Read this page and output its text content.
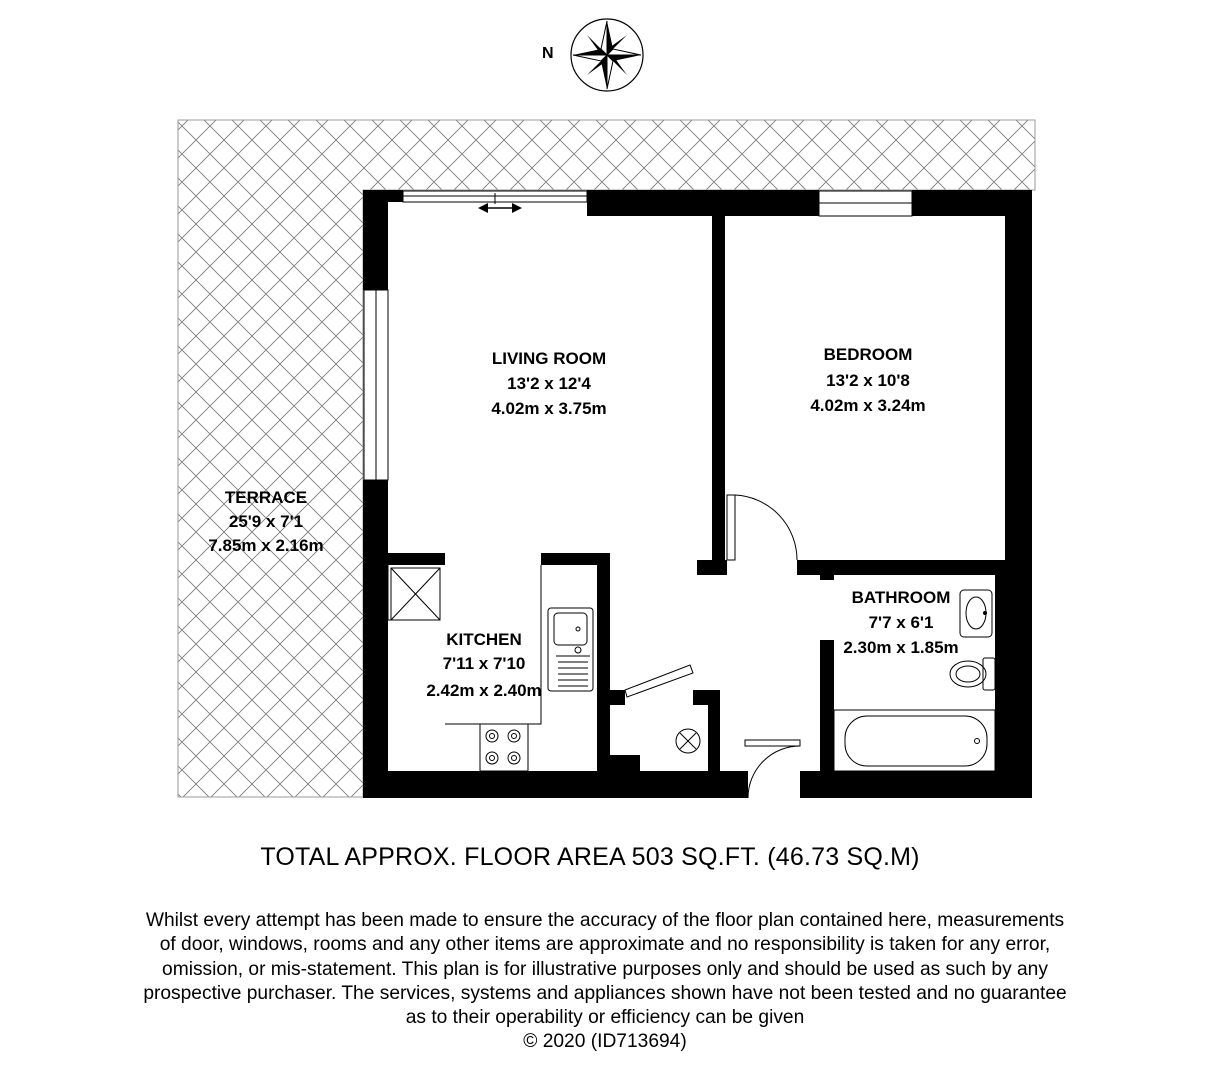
N
TERRACE
25'9 x 7'1
7.85m x 2.16m
LIVING ROOM
13'2 x 12'4
4.02m x 3.75m
BEDROOM
13'2 x 10'8
4.02m x 3.24m
BATHROOM
7'7 x 6'1
2.30m x 1.85m
KITCHEN
7'11 x 7'10
2.42m x 2.40m
TOTAL APPROX. FLOOR AREA 503 SQ.FT. (46.73 SQ.M)
Whilst every attempt has been made to ensure the accuracy of the floor plan contained here, measurements
of door, windows, rooms and any other items are approximate and no responsibility is taken for any error,
omission, or mis-statement. This plan is for illustrative purposes only and should be used as such by any
prospective purchaser. The services, systems and appliances shown have not been tested and no guarantee
as to their operability or efficiency can be given
© 2020 (ID713694)
